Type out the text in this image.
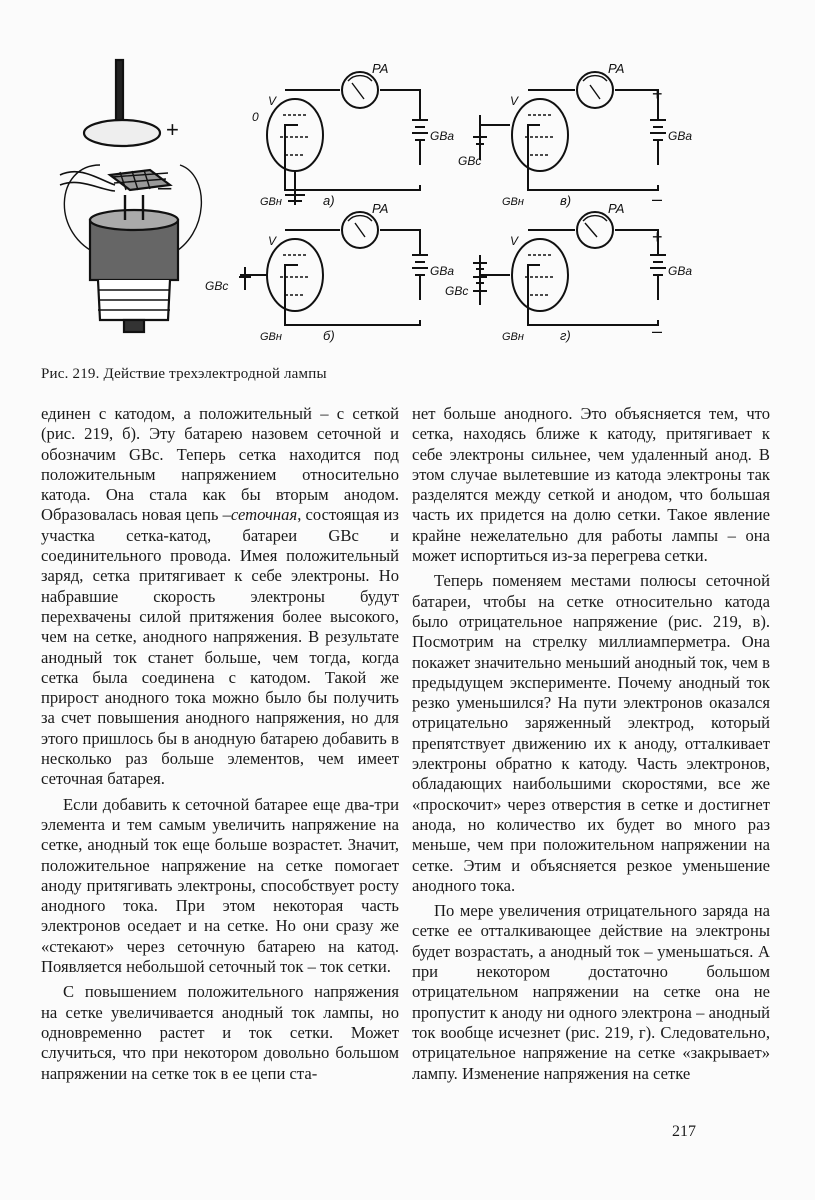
+
–
PA
V
0
GBa
GBн	а)
PA
V
GBс
GBa
+
–
GBн	в)
PA
V
GBс
GBa
GBн	б)
PA
V
GBс
GBa
+
–
GBн	г)
Рис. 219. Действие трехэлектродной лампы

единен с катодом, а положительный – с сеткой (рис. 219, б). Эту батарею назовем сеточной и обозначим GBс. Теперь сетка находится под положительным напряжением относительно катода. Она стала как бы вторым анодом. Образовалась новая цепь –сеточная, состоящая из участка сетка-катод, батареи GBс и соединительного провода. Имея положительный заряд, сетка притягивает к себе электроны. Но набравшие скорость электроны будут перехвачены силой притяжения более высокого, чем на сетке, анодного напряжения. В результате анодный ток станет больше, чем тогда, когда сетка была соединена с катодом. Такой же прирост анодного тока можно было бы получить за счет повышения анодного напряжения, но для этого пришлось бы в анодную батарею добавить в несколько раз больше элементов, чем имеет сеточная батарея.

Если добавить к сеточной батарее еще два-три элемента и тем самым увеличить напряжение на сетке, анодный ток еще больше возрастет. Значит, положительное напряжение на сетке помогает аноду притягивать электроны, способствует росту анодного тока. При этом некоторая часть электронов оседает и на сетке. Но они сразу же «стекают» через сеточную батарею на катод. Появляется небольшой сеточный ток – ток сетки.

С повышением положительного напряжения на сетке увеличивается анодный ток лампы, но одновременно растет и ток сетки. Может случиться, что при некотором довольно большом напряжении на сетке ток в ее цепи ста-

нет больше анодного. Это объясняется тем, что сетка, находясь ближе к катоду, притягивает к себе электроны сильнее, чем удаленный анод. В этом случае вылетевшие из катода электроны так разделятся между сеткой и анодом, что большая часть их придется на долю сетки. Такое явление крайне нежелательно для работы лампы – она может испортиться из-за перегрева сетки.

Теперь поменяем местами полюсы сеточной батареи, чтобы на сетке относительно катода было отрицательное напряжение (рис. 219, в). Посмотрим на стрелку миллиамперметра. Она покажет значительно меньший анодный ток, чем в предыдущем эксперименте. Почему анодный ток резко уменьшился? На пути электронов оказался отрицательно заряженный электрод, который препятствует движению их к аноду, отталкивает электроны обратно к катоду. Часть электронов, обладающих наибольшими скоростями, все же «проскочит» через отверстия в сетке и достигнет анода, но количество их будет во много раз меньше, чем при положительном напряжении на сетке. Этим и объясняется резкое уменьшение анодного тока.

По мере увеличения отрицательного заряда на сетке ее отталкивающее действие на электроны будет возрастать, а анодный ток – уменьшаться. А при некотором достаточно большом отрицательном напряжении на сетке она не пропустит к аноду ни одного электрона – анодный ток вообще исчезнет (рис. 219, г). Следовательно, отрицательное напряжение на сетке «закрывает» лампу. Изменение напряжения на сетке

217
